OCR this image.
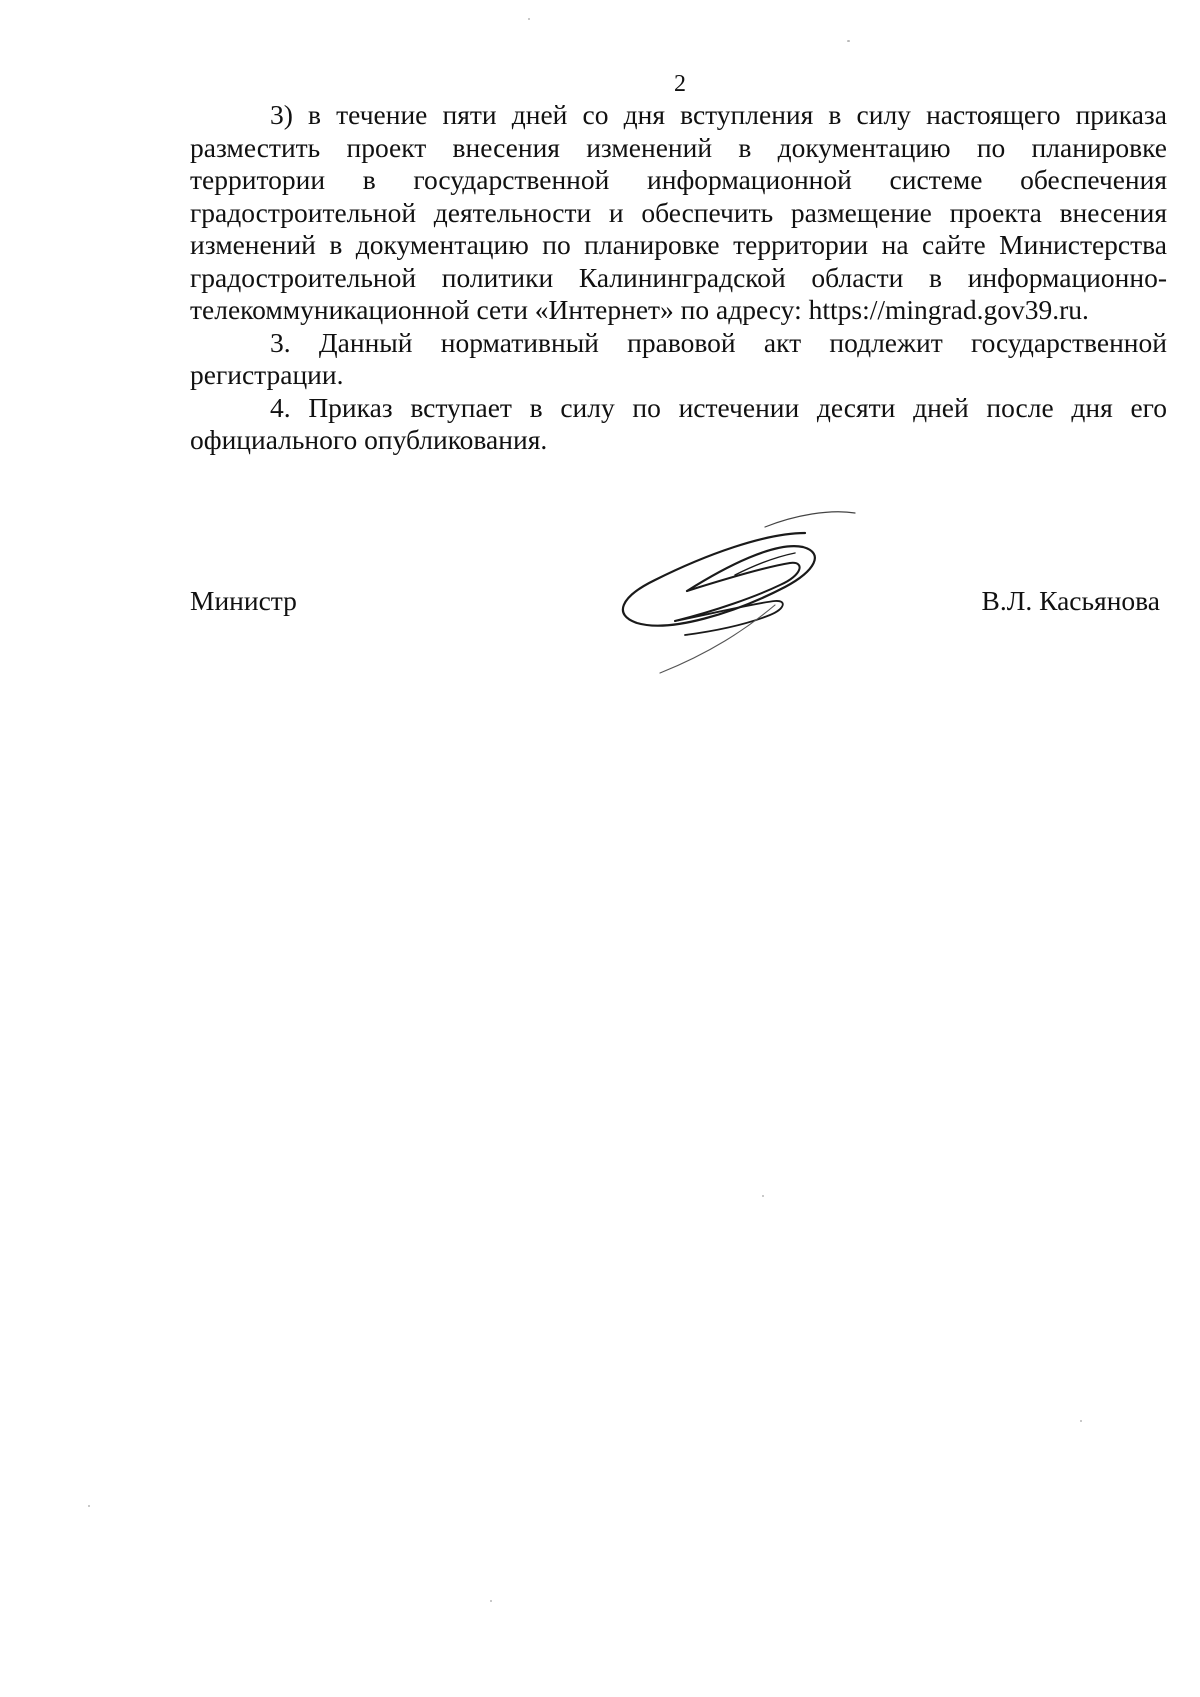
2

3) в течение пяти дней со дня вступления в силу настоящего приказа разместить проект внесения изменений в документацию по планировке территории в государственной информационной системе обеспечения градостроительной деятельности и обеспечить размещение проекта внесения изменений в документацию по планировке территории на сайте Министерства градостроительной политики Калининградской области в информационно-телекоммуникационной сети «Интернет» по адресу: https://mingrad.gov39.ru.

3. Данный нормативный правовой акт подлежит государственной регистрации.

4. Приказ вступает в силу по истечении десяти дней после дня его официального опубликования.

Министр	В.Л. Касьянова
